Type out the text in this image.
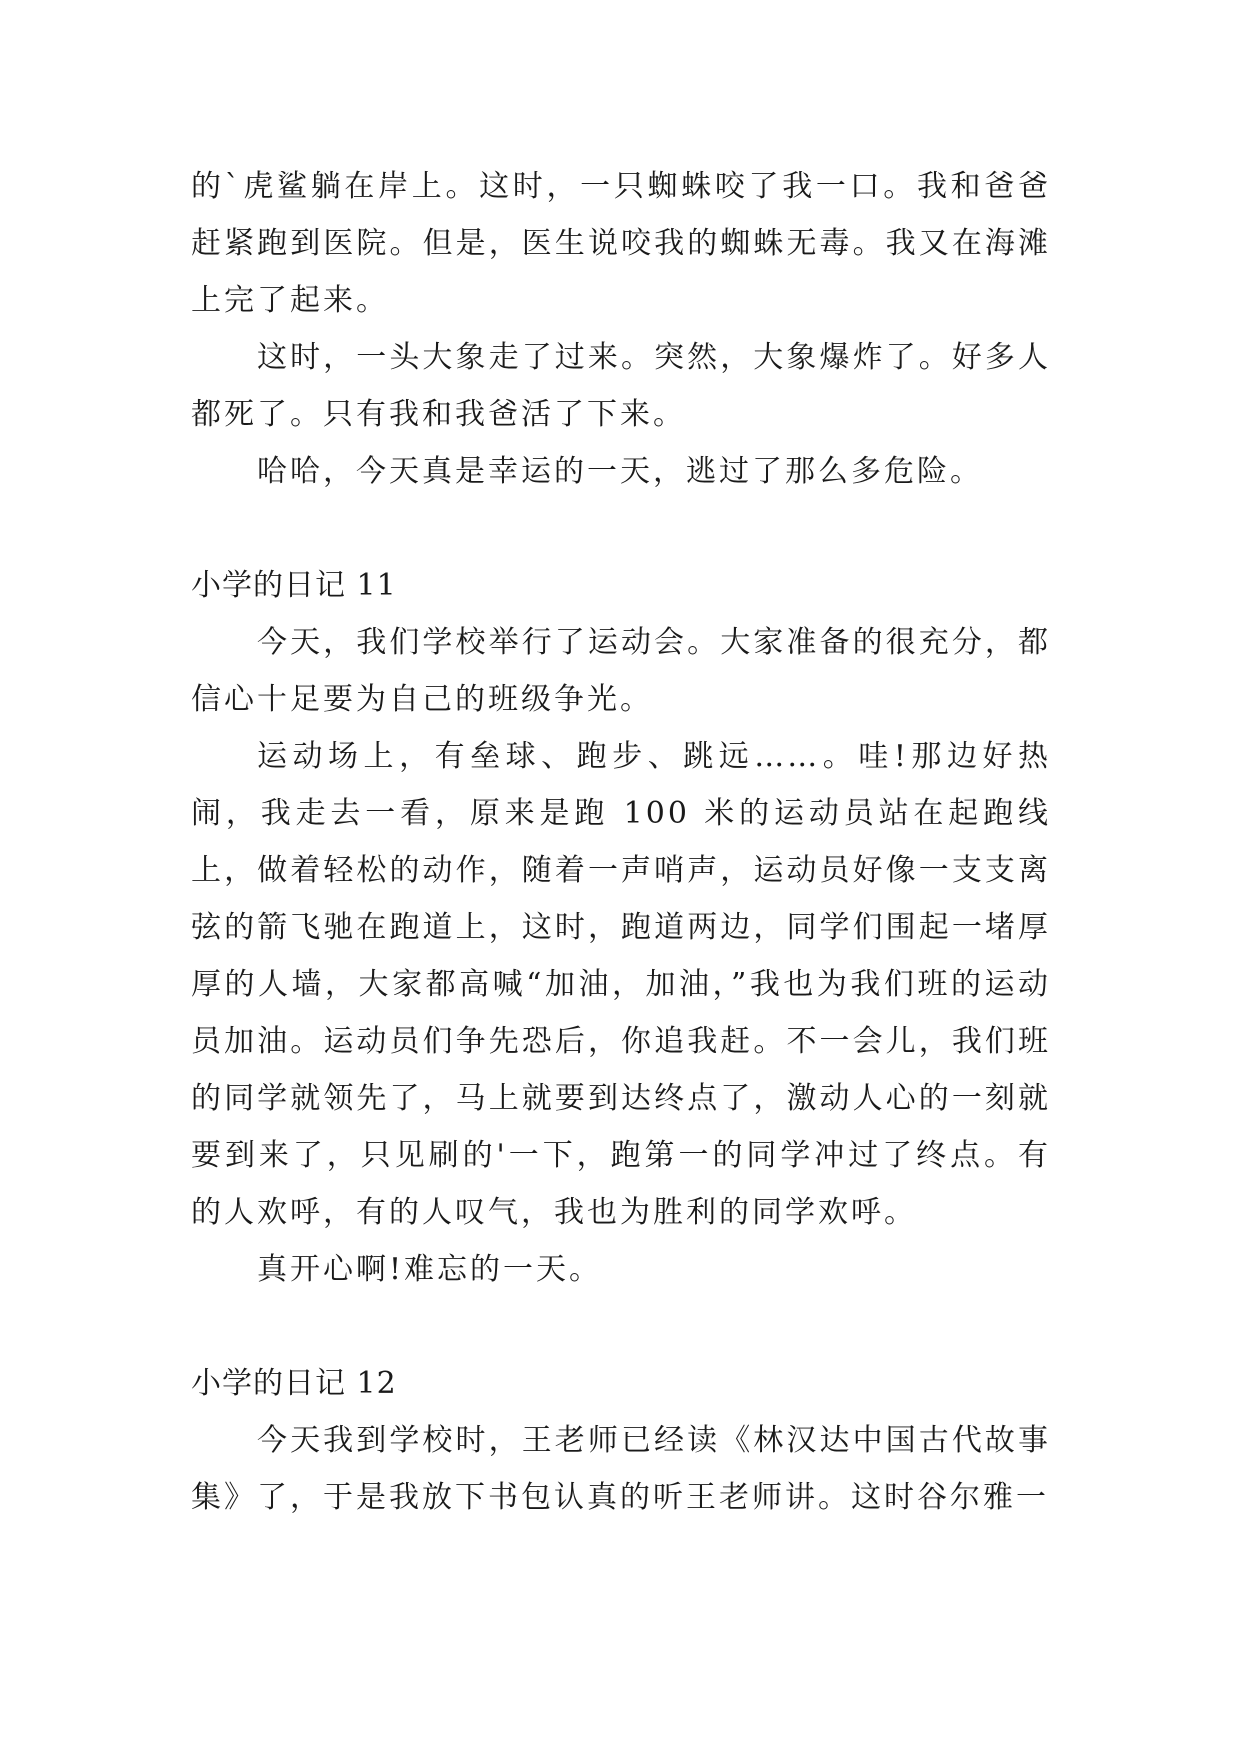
的`虎鲨躺在岸上。这时，一只蜘蛛咬了我一口。我和爸爸赶紧跑到医院。但是，医生说咬我的蜘蛛无毒。我又在海滩上完了起来。

这时，一头大象走了过来。突然，大象爆炸了。好多人都死了。只有我和我爸活了下来。

哈哈，今天真是幸运的一天，逃过了那么多危险。

小学的日记 11

今天，我们学校举行了运动会。大家准备的很充分，都信心十足要为自己的班级争光。

运动场上，有垒球、跑步、跳远……。哇!那边好热闹，我走去一看，原来是跑 100 米的运动员站在起跑线上，做着轻松的动作，随着一声哨声，运动员好像一支支离弦的箭飞驰在跑道上，这时，跑道两边，同学们围起一堵厚厚的人墙，大家都高喊“加油，加油，”我也为我们班的运动员加油。运动员们争先恐后，你追我赶。不一会儿，我们班的同学就领先了，马上就要到达终点了，激动人心的一刻就要到来了，只见刷的'一下，跑第一的同学冲过了终点。有的人欢呼，有的人叹气，我也为胜利的同学欢呼。

真开心啊!难忘的一天。

小学的日记 12

今天我到学校时，王老师已经读《林汉达中国古代故事集》了，于是我放下书包认真的听王老师讲。这时谷尔雅一
